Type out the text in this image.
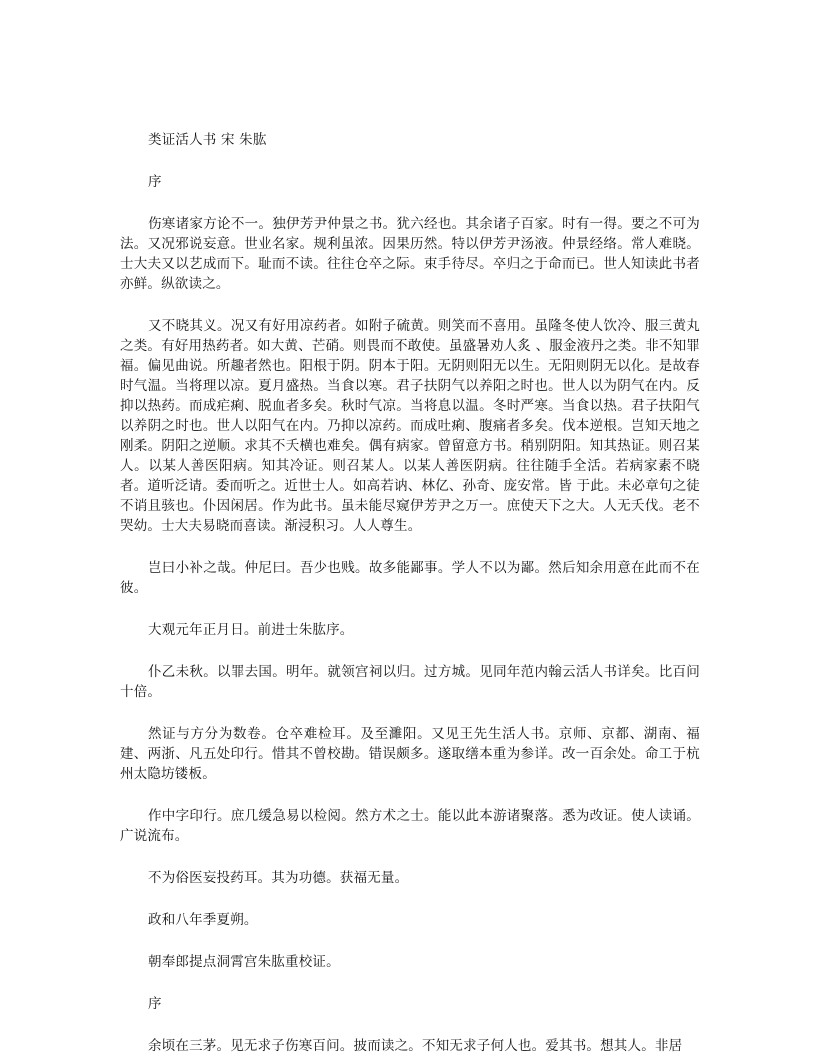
类证活人书 宋 朱肱

序

伤寒诸家方论不一。独伊芳尹仲景之书。犹六经也。其余诸子百家。时有一得。要之不可为法。又况邪说妄意。世业名家。规利虽浓。因果历然。特以伊芳尹汤液。仲景经络。常人难晓。士大夫又以艺成而下。耻而不读。往往仓卒之际。束手待尽。卒归之于命而已。世人知读此书者亦鲜。纵欲读之。

又不晓其义。况又有好用凉药者。如附子硫黄。则笑而不喜用。虽隆冬使人饮冷、服三黄丸之类。有好用热药者。如大黄、芒硝。则畏而不敢使。虽盛暑劝人炙 、服金液丹之类。非不知罪福。偏见曲说。所趣者然也。阳根于阴。阴本于阳。无阴则阳无以生。无阳则阴无以化。是故春时气温。当将理以凉。夏月盛热。当食以寒。君子扶阴气以养阳之时也。世人以为阴气在内。反抑以热药。而成疟痢、脱血者多矣。秋时气凉。当将息以温。冬时严寒。当食以热。君子扶阳气以养阴之时也。世人以阳气在内。乃抑以凉药。而成吐痢、腹痛者多矣。伐本逆根。岂知天地之刚柔。阴阳之逆顺。求其不夭横也难矣。偶有病家。曾留意方书。稍别阴阳。知其热证。则召某人。以某人善医阳病。知其冷证。则召某人。以某人善医阴病。往往随手全活。若病家素不晓者。道听泛请。委而听之。近世士人。如高若讷、林亿、孙奇、庞安常。皆 于此。未必章句之徒不诮且骇也。仆因闲居。作为此书。虽未能尽窥伊芳尹之万一。庶使天下之大。人无夭伐。老不哭幼。士大夫易晓而喜读。渐浸积习。人人尊生。

岂曰小补之哉。仲尼曰。吾少也贱。故多能鄙事。学人不以为鄙。然后知余用意在此而不在彼。

大观元年正月日。前进士朱肱序。

仆乙未秋。以罪去国。明年。就领宫祠以归。过方城。见同年范内翰云活人书详矣。比百问十倍。

然证与方分为数卷。仓卒难检耳。及至濉阳。又见王先生活人书。京师、京都、湖南、福建、两浙、凡五处印行。惜其不曾校勘。错误颇多。遂取缮本重为参详。改一百余处。命工于杭州太隐坊镂板。

作中字印行。庶几缓急易以检阅。然方术之士。能以此本游诸聚落。悉为改证。使人读诵。广说流布。

不为俗医妄投药耳。其为功德。获福无量。

政和八年季夏朔。

朝奉郎提点洞霄宫朱肱重校证。

序

余顷在三茅。见无求子伤寒百问。披而读之。不知无求子何人也。爱其书。想其人。非居
